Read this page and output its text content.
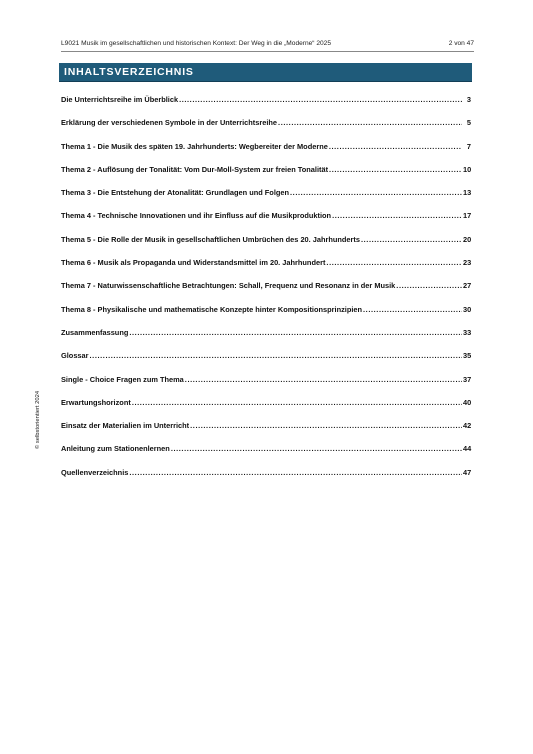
L9021 Musik im gesellschaftlichen und historischen Kontext: Der Weg in die „Moderne“ 2025	2 von 47
INHALTSVERZEICHNIS
Die Unterrichtsreihe im Überblick .....	3
Erklärung der verschiedenen Symbole in der Unterrichtsreihe .....	5
Thema 1 - Die Musik des späten 19. Jahrhunderts: Wegbereiter der Moderne .....	7
Thema 2 - Auflösung der Tonalität: Vom Dur-Moll-System zur freien Tonalität .....	10
Thema 3 - Die Entstehung der Atonalität: Grundlagen und Folgen .....	13
Thema 4 - Technische Innovationen und ihr Einfluss auf die Musikproduktion .....	17
Thema 5 - Die Rolle der Musik in gesellschaftlichen Umbrüchen des 20. Jahrhunderts .....	20
Thema 6 - Musik als Propaganda und Widerstandsmittel im 20. Jahrhundert .....	23
Thema 7 - Naturwissenschaftliche Betrachtungen: Schall, Frequenz und Resonanz in der Musik .....	27
Thema 8 - Physikalische und mathematische Konzepte hinter Kompositionsprinzipien .....	30
Zusammenfassung .....	33
Glossar .....	35
Single - Choice Fragen zum Thema .....	37
Erwartungshorizont .....	40
Einsatz der Materialien im Unterricht .....	42
Anleitung zum Stationenlernen .....	44
Quellenverzeichnis .....	47
© selbstorientiert 2024
